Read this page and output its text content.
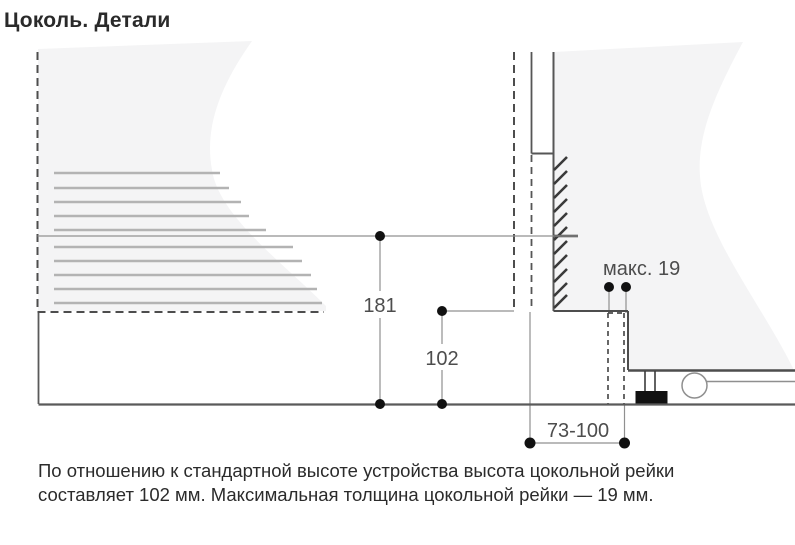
Цоколь. Детали
181
102
макс. 19
73-100
По отношению к стандартной высоте устройства высота цокольной рейки
составляет 102 мм. Максимальная толщина цокольной рейки — 19 мм.
